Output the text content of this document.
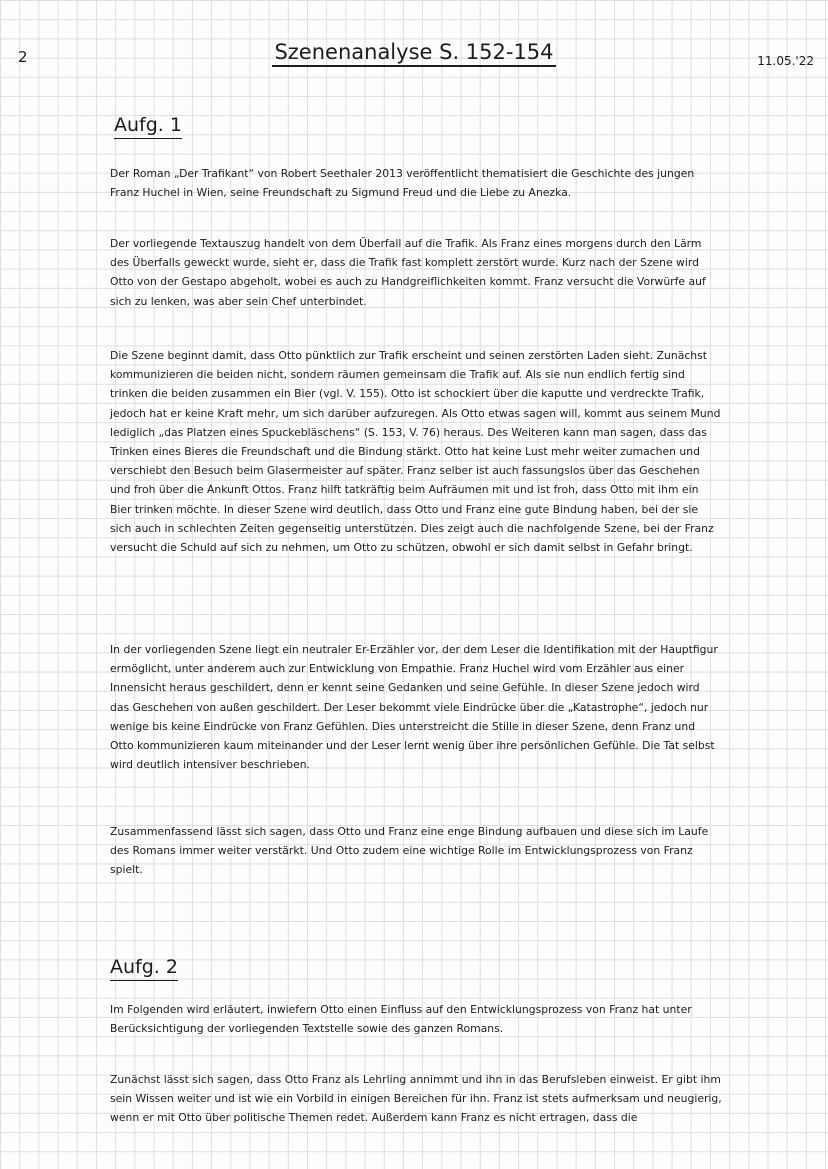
2	Szenenanalyse S. 152-154	11.05.'22
Aufg. 1

Der Roman „Der Trafikant“ von Robert Seethaler 2013 veröffentlicht thematisiert die Geschichte des jungen Franz Huchel in Wien, seine Freundschaft zu Sigmund Freud und die Liebe zu Anezka.

Der vorliegende Textauszug handelt von dem Überfall auf die Trafik. Als Franz eines morgens durch den Lärm des Überfalls geweckt wurde, sieht er, dass die Trafik fast komplett zerstört wurde. Kurz nach der Szene wird Otto von der Gestapo abgeholt, wobei es auch zu Handgreiflichkeiten kommt. Franz versucht die Vorwürfe auf sich zu lenken, was aber sein Chef unterbindet.

Die Szene beginnt damit, dass Otto pünktlich zur Trafik erscheint und seinen zerstörten Laden sieht. Zunächst kommunizieren die beiden nicht, sondern räumen gemeinsam die Trafik auf. Als sie nun endlich fertig sind trinken die beiden zusammen ein Bier (vgl. V. 155). Otto ist schockiert über die kaputte und verdreckte Trafik, jedoch hat er keine Kraft mehr, um sich darüber aufzuregen. Als Otto etwas sagen will, kommt aus seinem Mund lediglich „das Platzen eines Spuckebläschens“ (S. 153, V. 76) heraus. Des Weiteren kann man sagen, dass das Trinken eines Bieres die Freundschaft und die Bindung stärkt. Otto hat keine Lust mehr weiter zumachen und verschiebt den Besuch beim Glasermeister auf später. Franz selber ist auch fassungslos über das Geschehen und froh über die Ankunft Ottos. Franz hilft tatkräftig beim Aufräumen mit und ist froh, dass Otto mit ihm ein Bier trinken möchte. In dieser Szene wird deutlich, dass Otto und Franz eine gute Bindung haben, bei der sie sich auch in schlechten Zeiten gegenseitig unterstützen. Dies zeigt auch die nachfolgende Szene, bei der Franz versucht die Schuld auf sich zu nehmen, um Otto zu schützen, obwohl er sich damit selbst in Gefahr bringt.

In der vorliegenden Szene liegt ein neutraler Er-Erzähler vor, der dem Leser die Identifikation mit der Hauptfigur ermöglicht, unter anderem auch zur Entwicklung von Empathie. Franz Huchel wird vom Erzähler aus einer Innensicht heraus geschildert, denn er kennt seine Gedanken und seine Gefühle. In dieser Szene jedoch wird das Geschehen von außen geschildert. Der Leser bekommt viele Eindrücke über die „Katastrophe“, jedoch nur wenige bis keine Eindrücke von Franz Gefühlen. Dies unterstreicht die Stille in dieser Szene, denn Franz und Otto kommunizieren kaum miteinander und der Leser lernt wenig über ihre persönlichen Gefühle. Die Tat selbst wird deutlich intensiver beschrieben.

Zusammenfassend lässt sich sagen, dass Otto und Franz eine enge Bindung aufbauen und diese sich im Laufe des Romans immer weiter verstärkt. Und Otto zudem eine wichtige Rolle im Entwicklungsprozess von Franz spielt.

Aufg. 2

Im Folgenden wird erläutert, inwiefern Otto einen Einfluss auf den Entwicklungsprozess von Franz hat unter Berücksichtigung der vorliegenden Textstelle sowie des ganzen Romans.

Zunächst lässt sich sagen, dass Otto Franz als Lehrling annimmt und ihn in das Berufsleben einweist. Er gibt ihm sein Wissen weiter und ist wie ein Vorbild in einigen Bereichen für ihn. Franz ist stets aufmerksam und neugierig, wenn er mit Otto über politische Themen redet. Außerdem kann Franz es nicht ertragen, dass die
